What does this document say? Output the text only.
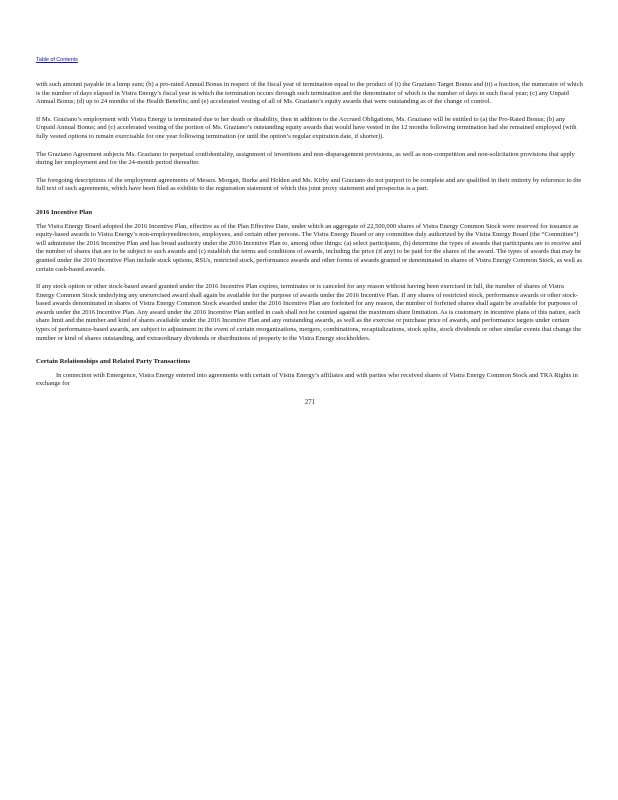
Table of Contents

with such amount payable in a lump sum; (b) a pro-rated Annual Bonus in respect of the fiscal year of termination equal to the product of (i) the Graziano Target Bonus and (ii) a fraction, the numerator of which is the number of days elapsed in Vistra Energy’s fiscal year in which the termination occurs through such termination and the denominator of which is the number of days in such fiscal year; (c) any Unpaid Annual Bonus; (d) up to 24 months of the Health Benefits; and (e) accelerated vesting of all of Ms. Graziano’s equity awards that were outstanding as of the change of control.

If Ms. Graziano’s employment with Vistra Energy is terminated due to her death or disability, then in addition to the Accrued Obligations, Ms. Graziano will be entitled to (a) the Pro-Rated Bonus; (b) any Unpaid Annual Bonus; and (c) accelerated vesting of the portion of Ms. Graziano’s outstanding equity awards that would have vested in the 12 months following termination had she remained employed (with fully vested options to remain exercisable for one year following termination (or until the option’s regular expiration date, if shorter)).

The Graziano Agreement subjects Ms. Graziano to perpetual confidentiality, assignment of inventions and non-disparagement provisions, as well as non-competition and non-solicitation provisions that apply during her employment and for the 24-month period thereafter.

The foregoing descriptions of the employment agreements of Messrs. Morgan, Burke and Holden and Ms. Kirby and Graziano do not purport to be complete and are qualified in their entirety by reference to the full text of such agreements, which have been filed as exhibits to the registration statement of which this joint proxy statement and prospectus is a part.

2016 Incentive Plan

The Vistra Energy Board adopted the 2016 Incentive Plan, effective as of the Plan Effective Date, under which an aggregate of 22,500,000 shares of Vistra Energy Common Stock were reserved for issuance as equity-based awards to Vistra Energy’s non-employeedirectors, employees, and certain other persons. The Vistra Energy Board or any committee duly authorized by the Vistra Energy Board (the “Committee”) will administer the 2016 Incentive Plan and has broad authority under the 2016 Incentive Plan to, among other things: (a) select participants, (b) determine the types of awards that participants are to receive and the number of shares that are to be subject to such awards and (c) establish the terms and conditions of awards, including the price (if any) to be paid for the shares of the award. The types of awards that may be granted under the 2016 Incentive Plan include stock options, RSUs, restricted stock, performance awards and other forms of awards granted or denominated in shares of Vistra Energy Common Stock, as well as certain cash-based awards.

If any stock option or other stock-based award granted under the 2016 Incentive Plan expires, terminates or is canceled for any reason without having been exercised in full, the number of shares of Vistra Energy Common Stock underlying any unexercised award shall again be available for the purpose of awards under the 2016 Incentive Plan. If any shares of restricted stock, performance awards or other stock-based awards denominated in shares of Vistra Energy Common Stock awarded under the 2016 Incentive Plan are forfeited for any reason, the number of forfeited shares shall again be available for purposes of awards under the 2016 Incentive Plan. Any award under the 2016 Incentive Plan settled in cash shall not be counted against the maximum share limitation. As is customary in incentive plans of this nature, each share limit and the number and kind of shares available under the 2016 Incentive Plan and any outstanding awards, as well as the exercise or purchase price of awards, and performance targets under certain types of performance-based awards, are subject to adjustment in the event of certain reorganizations, mergers, combinations, recapitalizations, stock splits, stock dividends or other similar events that change the number or kind of shares outstanding, and extraordinary dividends or distributions of property to the Vistra Energy stockholders.

Certain Relationships and Related Party Transactions

In connection with Emergence, Vistra Energy entered into agreements with certain of Vistra Energy’s affiliates and with parties who received shares of Vistra Energy Common Stock and TRA Rights in exchange for

271
